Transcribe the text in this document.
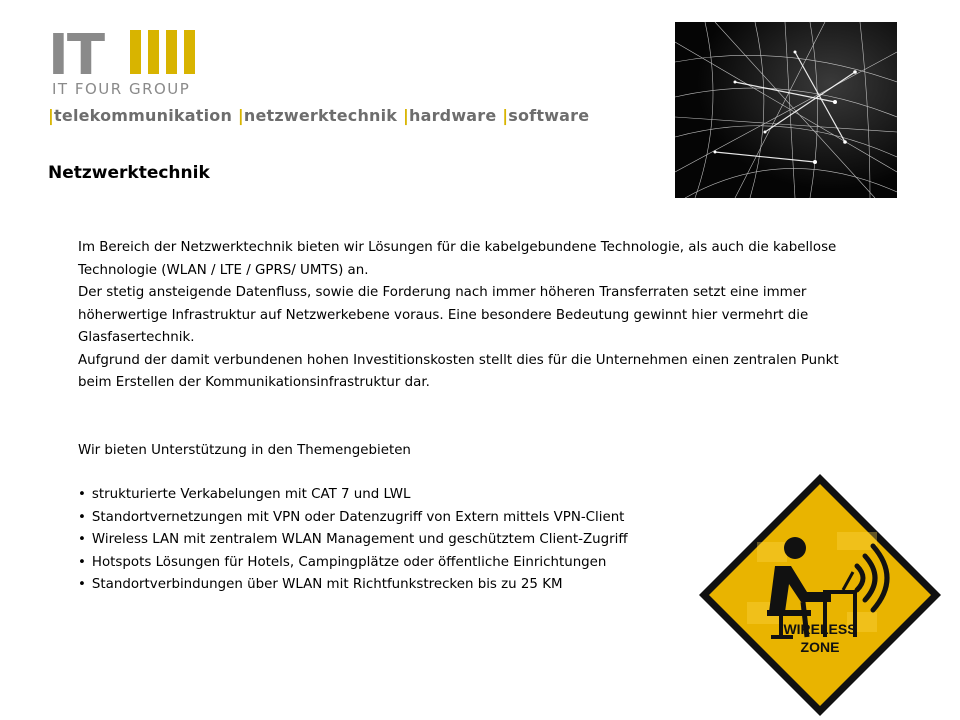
IT

IT FOUR GROUP

|telekommunikation |netzwerktechnik |hardware |software

Netzwerktechnik

Im Bereich der Netzwerktechnik bieten wir Lösungen für die kabelgebundene Technologie, als auch die kabellose Technologie (WLAN / LTE / GPRS/ UMTS) an.

Der stetig ansteigende Datenfluss, sowie die Forderung nach immer höheren Transferraten setzt eine immer höherwertige Infrastruktur auf Netzwerkebene voraus. Eine besondere Bedeutung gewinnt hier vermehrt die Glasfasertechnik.

Aufgrund der damit verbundenen hohen Investitionskosten stellt dies für die Unternehmen einen zentralen Punkt beim Erstellen der Kommunikationsinfrastruktur dar.

Wir bieten Unterstützung in den Themengebieten

• strukturierte Verkabelungen mit CAT 7 und LWL
• Standortvernetzungen mit VPN oder Datenzugriff von Extern mittels VPN-Client
• Wireless LAN mit zentralem WLAN Management und geschütztem Client-Zugriff
• Hotspots Lösungen für Hotels, Campingplätze oder öffentliche Einrichtungen
• Standortverbindungen über WLAN mit Richtfunkstrecken bis zu 25 KM
WIRELESS
ZONE
